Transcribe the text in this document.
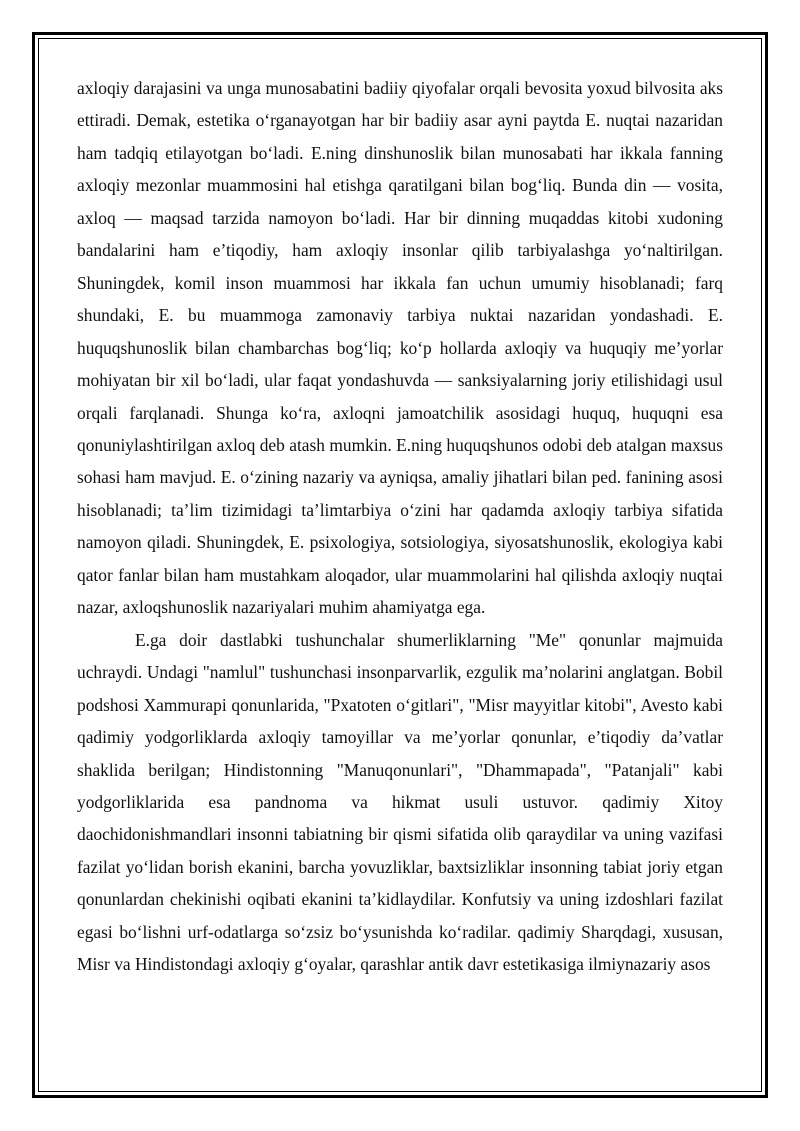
axloqiy darajasini va unga munosabatini badiiy qiyofalar orqali bevosita yoxud bilvosita aks ettiradi. Demak, estetika o‘rganayotgan har bir badiiy asar ayni paytda E. nuqtai nazaridan ham tadqiq etilayotgan bo‘ladi. E.ning dinshunoslik bilan munosabati har ikkala fanning axloqiy mezonlar muammosini hal etishga qaratilgani bilan bog‘liq. Bunda din — vosita, axloq — maqsad tarzida namoyon bo‘ladi. Har bir dinning muqaddas kitobi xudoning bandalarini ham e’tiqodiy, ham axloqiy insonlar qilib tarbiyalashga yo‘naltirilgan. Shuningdek, komil inson muammosi har ikkala fan uchun umumiy hisoblanadi; farq shundaki, E. bu muammoga zamonaviy tarbiya nuktai nazaridan yondashadi. E. huquqshunoslik bilan chambarchas bog‘liq; ko‘p hollarda axloqiy va huquqiy me’yorlar mohiyatan bir xil bo‘ladi, ular faqat yondashuvda — sanksiyalarning joriy etilishidagi usul orqali farqlanadi. Shunga ko‘ra, axloqni jamoatchilik asosidagi huquq, huquqni esa qonuniylashtirilgan axloq deb atash mumkin. E.ning huquqshunos odobi deb atalgan maxsus sohasi ham mavjud. E. o‘zining nazariy va ayniqsa, amaliy jihatlari bilan ped. fanining asosi hisoblanadi; ta’lim tizimidagi ta’limtarbiya o‘zini har qadamda axloqiy tarbiya sifatida namoyon qiladi. Shuningdek, E. psixologiya, sotsiologiya, siyosatshunoslik, ekologiya kabi qator fanlar bilan ham mustahkam aloqador, ular muammolarini hal qilishda axloqiy nuqtai nazar, axloqshunoslik nazariyalari muhim ahamiyatga ega.

E.ga doir dastlabki tushunchalar shumerliklarning "Me" qonunlar majmuida uchraydi. Undagi "namlul" tushunchasi insonparvarlik, ezgulik ma’nolarini anglatgan. Bobil podshosi Xammurapi qonunlarida, "Pxatoten o‘gitlari", "Misr mayyitlar kitobi", Avesto kabi qadimiy yodgorliklarda axloqiy tamoyillar va me’yorlar qonunlar, e’tiqodiy da’vatlar shaklida berilgan; Hindistonning "Manuqonunlari", "Dhammapada", "Patanjali" kabi yodgorliklarida esa pandnoma va hikmat usuli ustuvor. qadimiy Xitoy daochidonishmandlari insonni tabiatning bir qismi sifatida olib qaraydilar va uning vazifasi fazilat yo‘lidan borish ekanini, barcha yovuzliklar, baxtsizliklar insonning tabiat joriy etgan qonunlardan chekinishi oqibati ekanini ta’kidlaydilar. Konfutsiy va uning izdoshlari fazilat egasi bo‘lishni urf-odatlarga so‘zsiz bo‘ysunishda ko‘radilar. qadimiy Sharqdagi, xususan, Misr va Hindistondagi axloqiy g‘oyalar, qarashlar antik davr estetikasiga ilmiynazariy asos
